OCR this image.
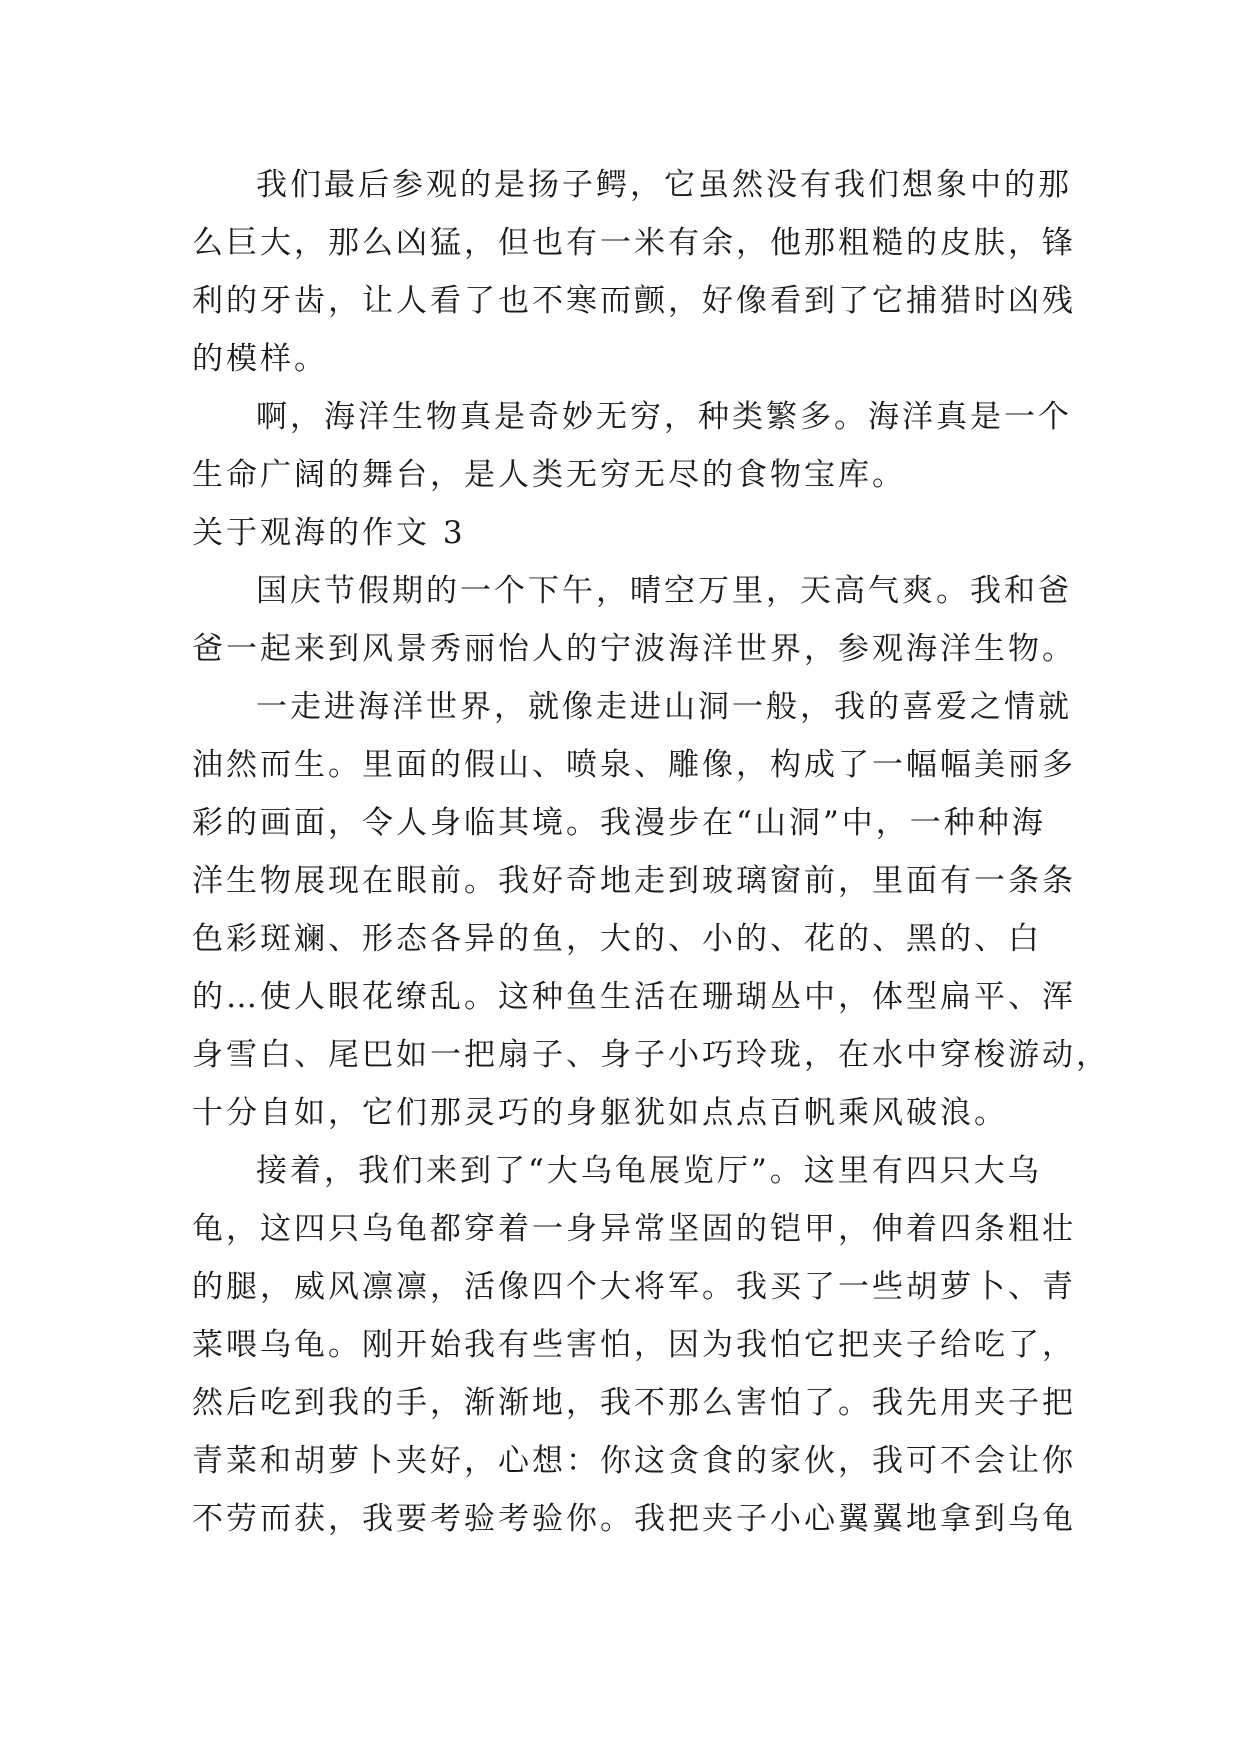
我们最后参观的是扬子鳄，它虽然没有我们想象中的那
么巨大，那么凶猛，但也有一米有余，他那粗糙的皮肤，锋
利的牙齿，让人看了也不寒而颤，好像看到了它捕猎时凶残
的模样。
啊，海洋生物真是奇妙无穷，种类繁多。海洋真是一个
生命广阔的舞台，是人类无穷无尽的食物宝库。
关于观海的作文 3
国庆节假期的一个下午，晴空万里，天高气爽。我和爸
爸一起来到风景秀丽怡人的宁波海洋世界，参观海洋生物。
一走进海洋世界，就像走进山洞一般，我的喜爱之情就
油然而生。里面的假山、喷泉、雕像，构成了一幅幅美丽多
彩的画面，令人身临其境。我漫步在“山洞”中，一种种海
洋生物展现在眼前。我好奇地走到玻璃窗前，里面有一条条
色彩斑斓、形态各异的鱼，大的、小的、花的、黑的、白
的…使人眼花缭乱。这种鱼生活在珊瑚丛中，体型扁平、浑
身雪白、尾巴如一把扇子、身子小巧玲珑，在水中穿梭游动，
十分自如，它们那灵巧的身躯犹如点点百帆乘风破浪。
接着，我们来到了“大乌龟展览厅”。这里有四只大乌
龟，这四只乌龟都穿着一身异常坚固的铠甲，伸着四条粗壮
的腿，威风凛凛，活像四个大将军。我买了一些胡萝卜、青
菜喂乌龟。刚开始我有些害怕，因为我怕它把夹子给吃了，
然后吃到我的手，渐渐地，我不那么害怕了。我先用夹子把
青菜和胡萝卜夹好，心想：你这贪食的家伙，我可不会让你
不劳而获，我要考验考验你。我把夹子小心翼翼地拿到乌龟
